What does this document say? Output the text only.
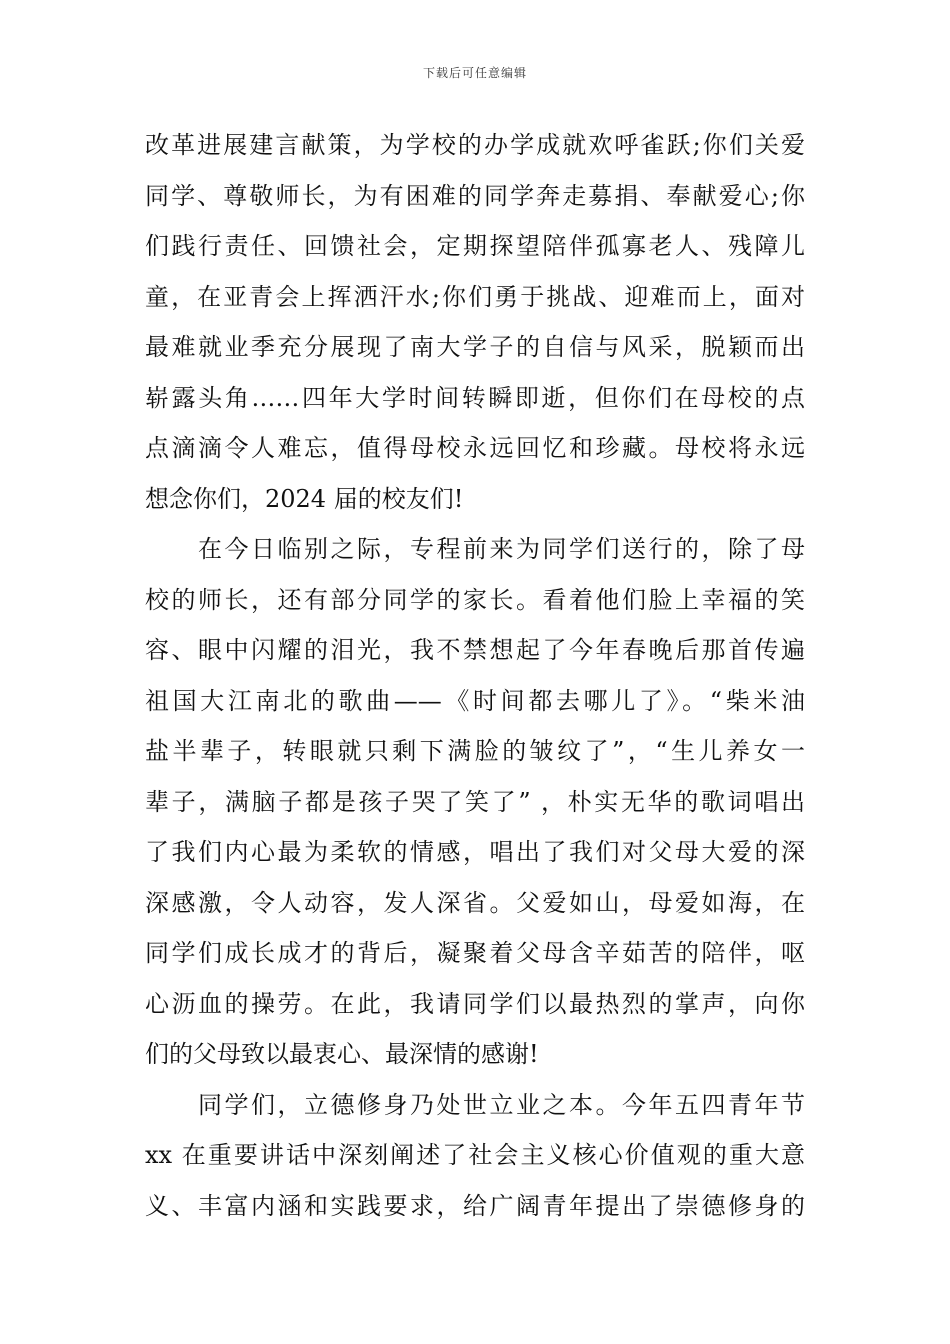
下载后可任意编辑
改革进展建言献策，为学校的办学成就欢呼雀跃;你们关爱
同学、尊敬师长，为有困难的同学奔走募捐、奉献爱心;你
们践行责任、回馈社会，定期探望陪伴孤寡老人、残障儿
童，在亚青会上挥洒汗水;你们勇于挑战、迎难而上，面对
最难就业季充分展现了南大学子的自信与风采，脱颖而出
崭露头角……四年大学时间转瞬即逝，但你们在母校的点
点滴滴令人难忘，值得母校永远回忆和珍藏。母校将永远
想念你们，2024 届的校友们!
在今日临别之际，专程前来为同学们送行的，除了母
校的师长，还有部分同学的家长。看着他们脸上幸福的笑
容、眼中闪耀的泪光，我不禁想起了今年春晚后那首传遍
祖国大江南北的歌曲——《时间都去哪儿了》。“柴米油
盐半辈子，转眼就只剩下满脸的皱纹了”，“生儿养女一
辈子，满脑子都是孩子哭了笑了” ，朴实无华的歌词唱出
了我们内心最为柔软的情感，唱出了我们对父母大爱的深
深感激，令人动容，发人深省。父爱如山，母爱如海，在
同学们成长成才的背后，凝聚着父母含辛茹苦的陪伴，呕
心沥血的操劳。在此，我请同学们以最热烈的掌声，向你
们的父母致以最衷心、最深情的感谢!
同学们，立德修身乃处世立业之本。今年五四青年节
xx 在重要讲话中深刻阐述了社会主义核心价值观的重大意
义、丰富内涵和实践要求，给广阔青年提出了崇德修身的
